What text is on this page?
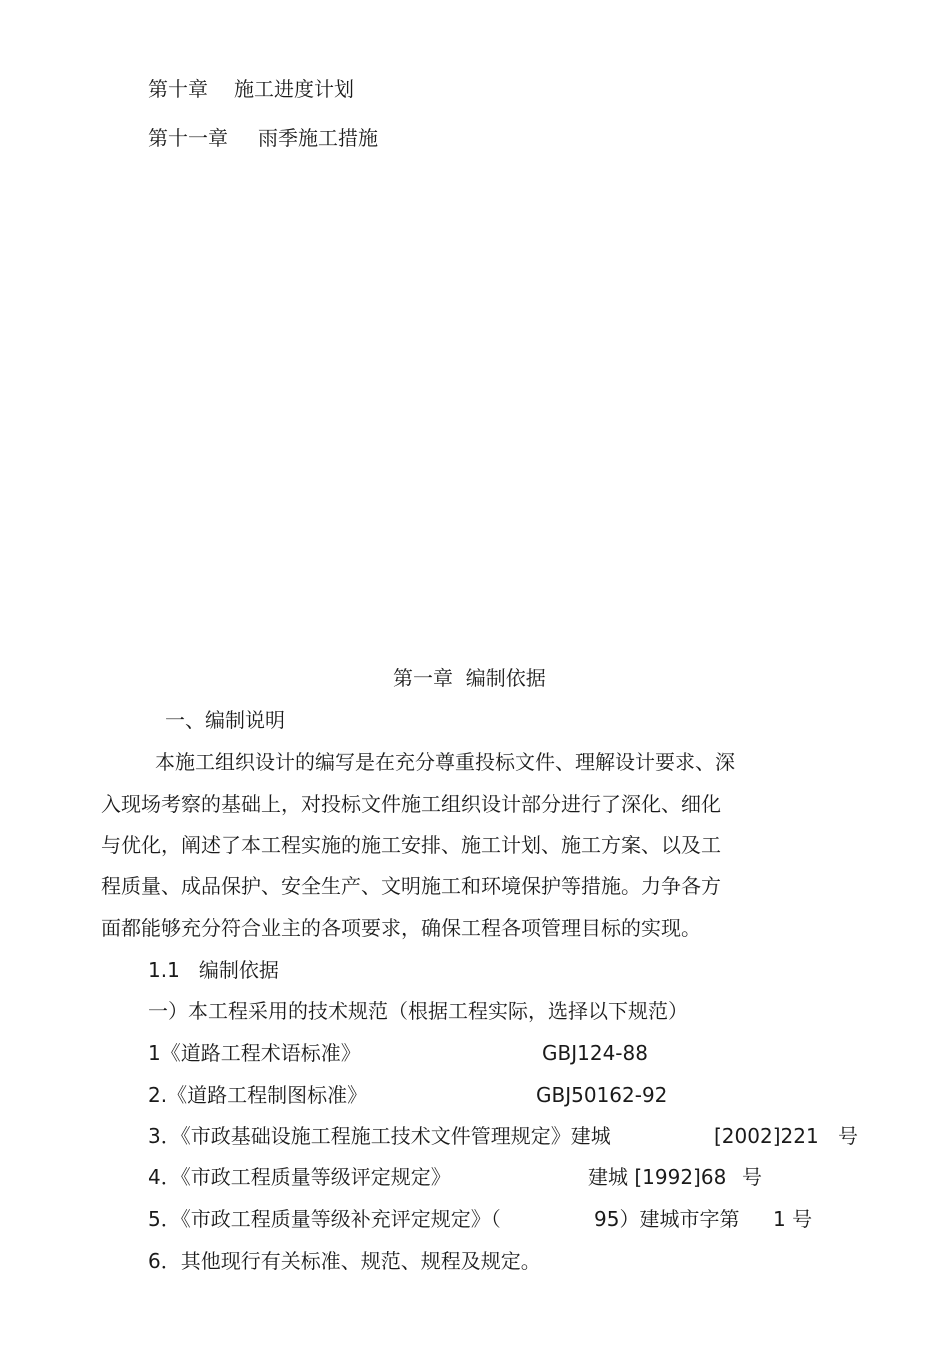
第十章 施工进度计划
第十一章 雨季施工措施
第一章  编制依据
一、编制说明
本施工组织设计的编写是在充分尊重投标文件、理解设计要求、深
入现场考察的基础上，对投标文件施工组织设计部分进行了深化、细化
与优化，阐述了本工程实施的施工安排、施工计划、施工方案、以及工
程质量、成品保护、安全生产、文明施工和环境保护等措施。力争各方
面都能够充分符合业主的各项要求，确保工程各项管理目标的实现。
1.1   编制依据
一）本工程采用的技术规范（根据工程实际，选择以下规范）
1《道路工程术语标准》	GBJ124-88
2.《道路工程制图标准》	GBJ50162-92
3．《市政基础设施工程施工技术文件管理规定》建城	[2002]221 号
4．《市政工程质量等级评定规定》	建城 [1992]68 号
5．《市政工程质量等级补充评定规定》（	95）建城市字第 1 号
6．其他现行有关标准、规范、规程及规定。
